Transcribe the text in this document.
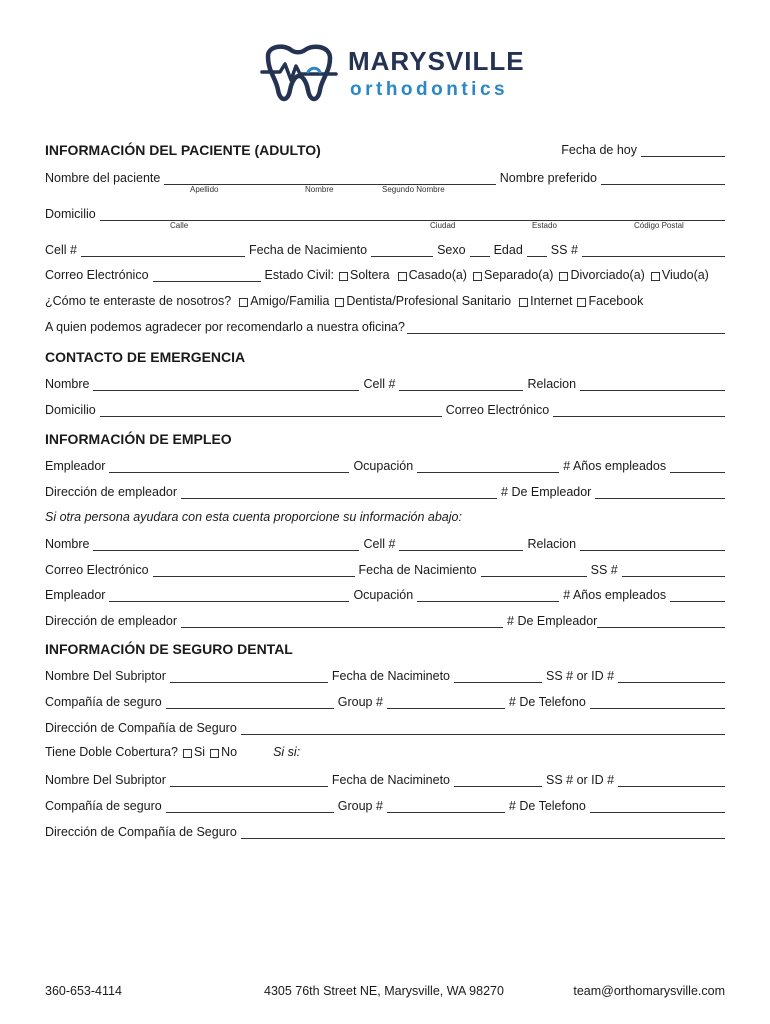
MARYSVILLE
orthodontics
INFORMACIÓN DEL PACIENTE (ADULTO)	Fecha de hoy
Nombre del paciente	Nombre preferido
Apellido	Nombre	Segundo Nombre
Domicilio
Calle	Ciudad	Estado	Código Postal
Cell #	Fecha de Nacimiento	Sexo Edad SS #
Correo Electrónico	Estado Civil: Soltera Casado(a) Separado(a) Divorciado(a) Viudo(a)
¿Cómo te enteraste de nosotros? Amigo/Familia Dentista/Profesional Sanitario Internet Facebook
A quien podemos agradecer por recomendarlo a nuestra oficina?
CONTACTO DE EMERGENCIA
Nombre	Cell #	Relacion
Domicilio	Correo Electrónico
INFORMACIÓN DE EMPLEO
Empleador	Ocupación	# Años empleados
Dirección de empleador	# De Empleador
Si otra persona ayudara con esta cuenta proporcione su información abajo:
Nombre	Cell #	Relacion
Correo Electrónico	Fecha de Nacimiento	SS #
Empleador	Ocupación	# Años empleados
Dirección de empleador	# De Empleador
INFORMACIÓN DE SEGURO DENTAL
Nombre Del Subriptor	Fecha de Nacimineto	SS # or ID #
Compañía de seguro	Group #	# De Telefono
Dirección de Compañía de Seguro
Tiene Doble Cobertura? Si No	Si si:
Nombre Del Subriptor	Fecha de Nacimineto	SS # or ID #
Compañía de seguro	Group #	# De Telefono
Dirección de Compañía de Seguro
360-653-4114	4305 76th Street NE, Marysville, WA 98270	team@orthomarysville.com
